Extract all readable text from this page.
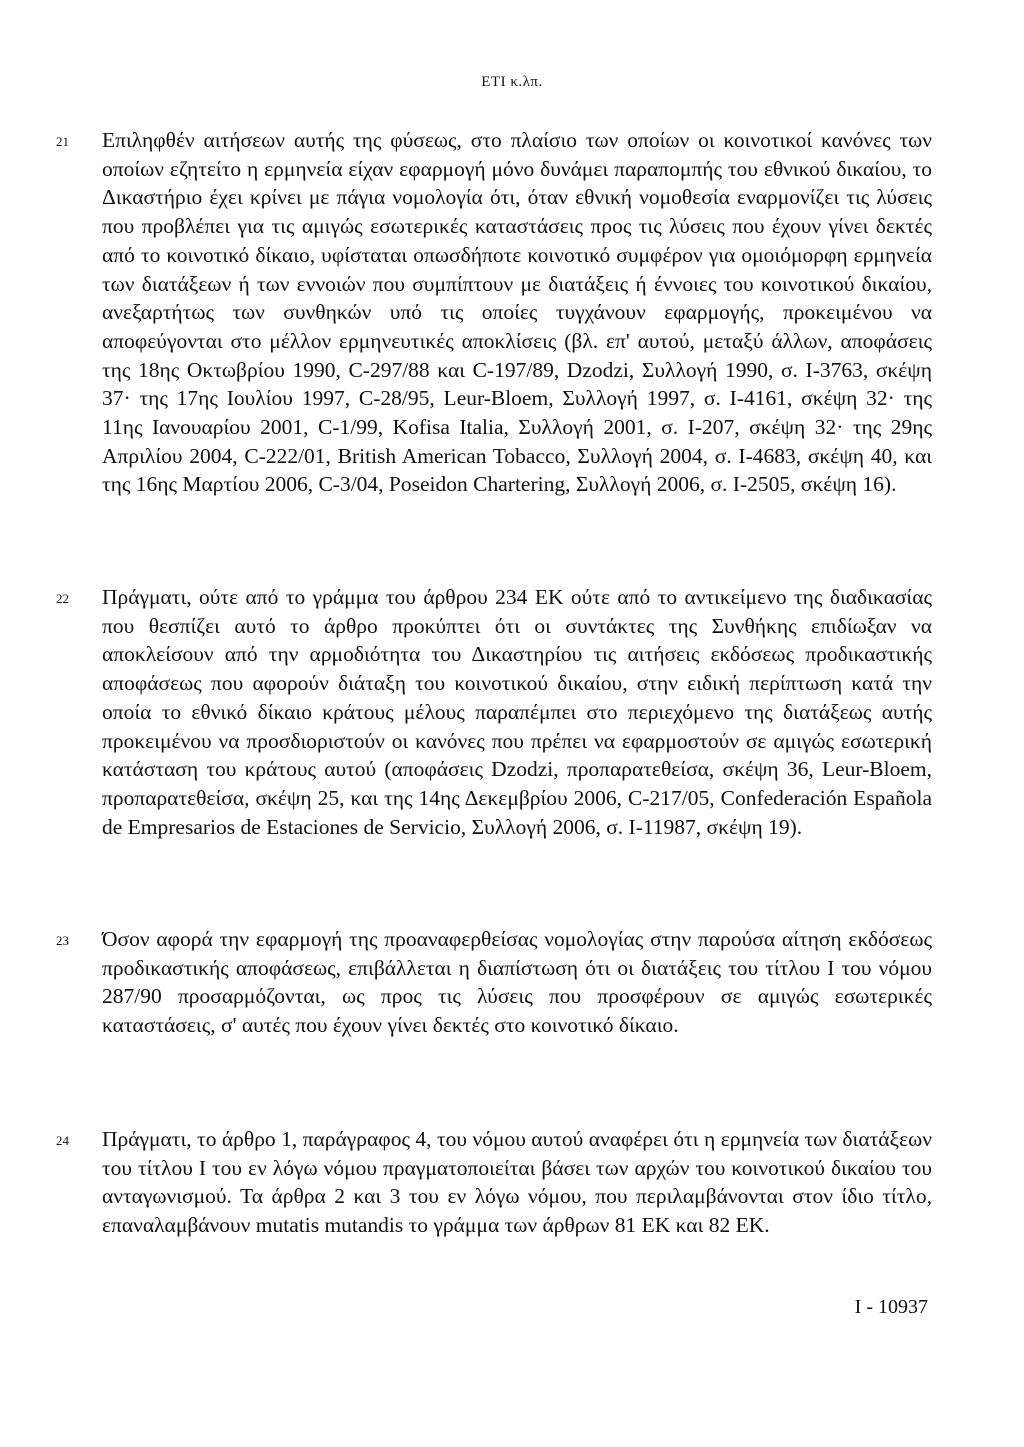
ΕΤΙ κ.λπ.
21	Επιληφθέν αιτήσεων αυτής της φύσεως, στο πλαίσιο των οποίων οι κοινοτικοί κανόνες των οποίων εζητείτο η ερμηνεία είχαν εφαρμογή μόνο δυνάμει παραπομπής του εθνικού δικαίου, το Δικαστήριο έχει κρίνει με πάγια νομολογία ότι, όταν εθνική νομοθεσία εναρμονίζει τις λύσεις που προβλέπει για τις αμιγώς εσωτερικές καταστάσεις προς τις λύσεις που έχουν γίνει δεκτές από το κοινοτικό δίκαιο, υφίσταται οπωσδήποτε κοινοτικό συμφέρον για ομοιόμορφη ερμηνεία των διατάξεων ή των εννοιών που συμπίπτουν με διατάξεις ή έννοιες του κοινοτικού δικαίου, ανεξαρτήτως των συνθηκών υπό τις οποίες τυγχάνουν εφαρμογής, προκειμένου να αποφεύγονται στο μέλλον ερμηνευτικές αποκλίσεις (βλ. επ' αυτού, μεταξύ άλλων, αποφάσεις της 18ης Οκτωβρίου 1990, C-297/88 και C-197/89, Dzodzi, Συλλογή 1990, σ. I-3763, σκέψη 37· της 17ης Ιουλίου 1997, C-28/95, Leur-Bloem, Συλλογή 1997, σ. I-4161, σκέψη 32· της 11ης Ιανουαρίου 2001, C-1/99, Kofisa Italia, Συλλογή 2001, σ. I-207, σκέψη 32· της 29ης Απριλίου 2004, C-222/01, British American Tobacco, Συλλογή 2004, σ. I-4683, σκέψη 40, και της 16ης Μαρτίου 2006, C-3/04, Poseidon Chartering, Συλλογή 2006, σ. I-2505, σκέψη 16).
22	Πράγματι, ούτε από το γράμμα του άρθρου 234 ΕΚ ούτε από το αντικείμενο της διαδικασίας που θεσπίζει αυτό το άρθρο προκύπτει ότι οι συντάκτες της Συνθήκης επιδίωξαν να αποκλείσουν από την αρμοδιότητα του Δικαστηρίου τις αιτήσεις εκδόσεως προδικαστικής αποφάσεως που αφορούν διάταξη του κοινοτικού δικαίου, στην ειδική περίπτωση κατά την οποία το εθνικό δίκαιο κράτους μέλους παραπέμπει στο περιεχόμενο της διατάξεως αυτής προκειμένου να προσδιοριστούν οι κανόνες που πρέπει να εφαρμοστούν σε αμιγώς εσωτερική κατάσταση του κράτους αυτού (αποφάσεις Dzodzi, προπαρατεθείσα, σκέψη 36, Leur-Bloem, προπαρατεθείσα, σκέψη 25, και της 14ης Δεκεμβρίου 2006, C-217/05, Confederación Española de Empresarios de Estaciones de Servicio, Συλλογή 2006, σ. I-11987, σκέψη 19).
23	Όσον αφορά την εφαρμογή της προαναφερθείσας νομολογίας στην παρούσα αίτηση εκδόσεως προδικαστικής αποφάσεως, επιβάλλεται η διαπίστωση ότι οι διατάξεις του τίτλου I του νόμου 287/90 προσαρμόζονται, ως προς τις λύσεις που προσφέρουν σε αμιγώς εσωτερικές καταστάσεις, σ' αυτές που έχουν γίνει δεκτές στο κοινοτικό δίκαιο.
24	Πράγματι, το άρθρο 1, παράγραφος 4, του νόμου αυτού αναφέρει ότι η ερμηνεία των διατάξεων του τίτλου I του εν λόγω νόμου πραγματοποιείται βάσει των αρχών του κοινοτικού δικαίου του ανταγωνισμού. Τα άρθρα 2 και 3 του εν λόγω νόμου, που περιλαμβάνονται στον ίδιο τίτλο, επαναλαμβάνουν mutatis mutandis το γράμμα των άρθρων 81 ΕΚ και 82 ΕΚ.
I - 10937
